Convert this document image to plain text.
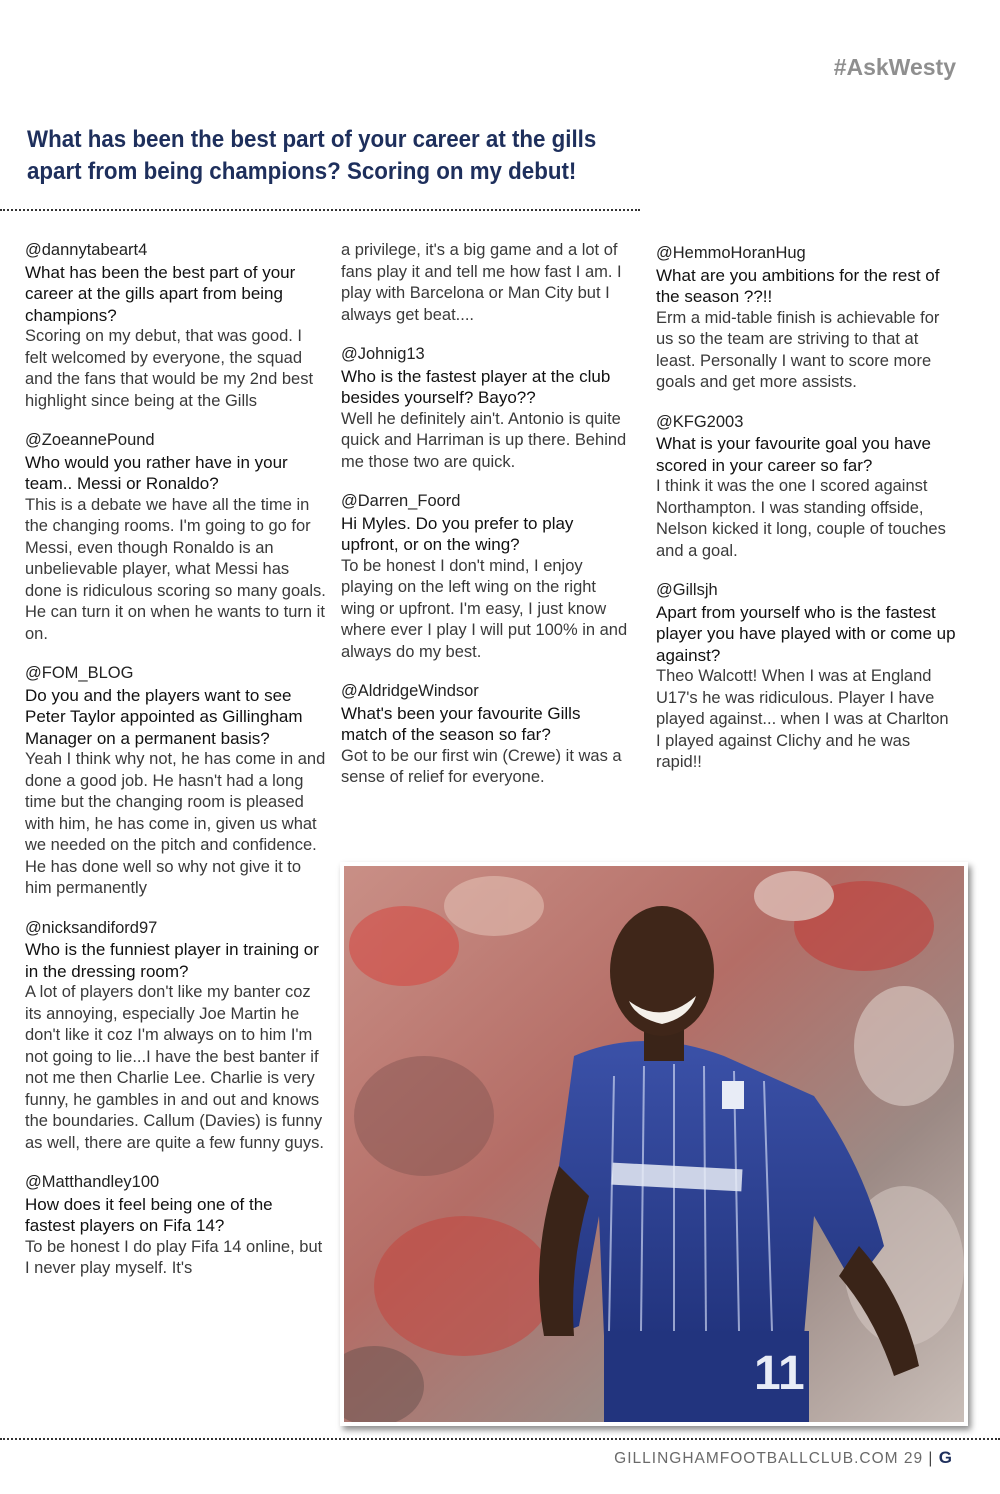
#AskWesty
What has been the best part of your career at the gills apart from being champions? Scoring on my debut!
@dannytabeart4
What has been the best part of your career at the gills apart from being champions?
Scoring on my debut, that was good. I felt welcomed by everyone, the squad and the fans that would be my 2nd best highlight since being at the Gills
@ZoeannePound
Who would you rather have in your team.. Messi or Ronaldo?
This is a debate we have all the time in the changing rooms. I'm going to go for Messi, even though Ronaldo is an unbelievable player, what Messi has done is ridiculous scoring so many goals. He can turn it on when he wants to turn it on.
@FOM_BLOG
Do you and the players want to see Peter Taylor appointed as Gillingham Manager on a permanent basis?
Yeah I think why not, he has come in and done a good job. He hasn't had a long time but the changing room is pleased with him, he has come in, given us what we needed on the pitch and confidence. He has done well so why not give it to him permanently
@nicksandiford97
Who is the funniest player in training or in the dressing room?
A lot of players don't like my banter coz its annoying, especially Joe Martin he don't like it coz I'm always on to him I'm not going to lie...I have the best banter if not me then Charlie Lee. Charlie is very funny, he gambles in and out and knows the boundaries. Callum (Davies) is funny as well, there are quite a few funny guys.
@Matthandley100
How does it feel being one of the fastest players on Fifa 14?
To be honest I do play Fifa 14 online, but I never play myself. It's
a privilege, it's a big game and a lot of fans play it and tell me how fast I am. I play with Barcelona or Man City but I always get beat....
@Johnig13
Who is the fastest player at the club besides yourself? Bayo??
Well he definitely ain't. Antonio is quite quick and Harriman is up there. Behind me those two are quick.
@Darren_Foord
Hi Myles. Do you prefer to play upfront, or on the wing?
To be honest I don't mind, I enjoy playing on the left wing on the right wing or upfront. I'm easy, I just know where ever I play I will put 100% in and always do my best.
@AldridgeWindsor
What's been your favourite Gills match of the season so far?
Got to be our first win (Crewe) it was a sense of relief for everyone.
@HemmoHoranHug
What are you ambitions for the rest of the season ??!!
Erm a mid-table finish is achievable for us so the team are striving to that at least. Personally I want to score more goals and get more assists.
@KFG2003
What is your favourite goal you have scored in your career so far?
I think it was the one I scored against Northampton. I was standing offside, Nelson kicked it long, couple of touches and a goal.
@Gillsjh
Apart from yourself who is the fastest player you have played with or come up against?
Theo Walcott! When I was at England U17's he was ridiculous. Player I have played against... when I was at Charlton I played against Clichy and he was rapid!!
11
GILLINGHAMFOOTBALLCLUB.COM 29 | G
